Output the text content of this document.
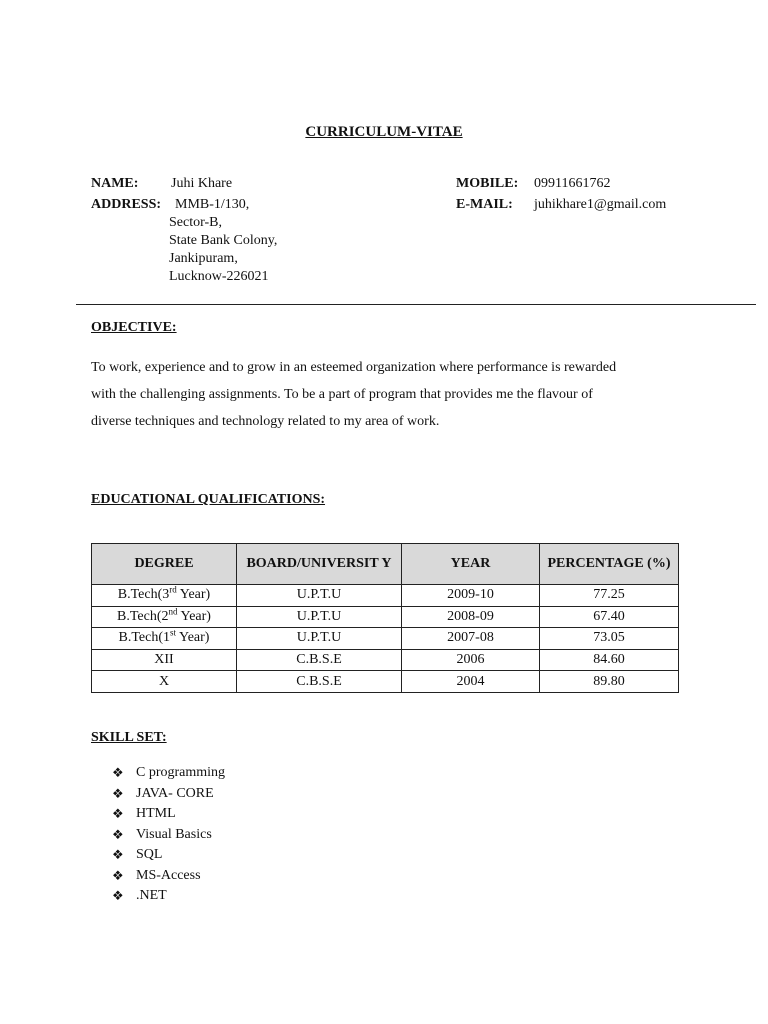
CURRICULUM-VITAE
NAME: Juhi Khare
ADDRESS: MMB-1/130,
Sector-B,
State Bank Colony,
Jankipuram,
Lucknow-226021
MOBILE: 09911661762
E-MAIL: juhikhare1@gmail.com
OBJECTIVE:
To work, experience and to grow in an esteemed organization where performance is rewarded
with the challenging assignments. To be a part of program that provides me the flavour of
diverse techniques and technology related to my area of work.
EDUCATIONAL QUALIFICATIONS:
DEGREE	BOARD/UNIVERSIT Y	YEAR	PERCENTAGE (%)
B.Tech(3rd Year)	U.P.T.U	2009-10	77.25
B.Tech(2nd Year)	U.P.T.U	2008-09	67.40
B.Tech(1st Year)	U.P.T.U	2007-08	73.05
XII	C.B.S.E	2006	84.60
X	C.B.S.E	2004	89.80
SKILL SET:
❖ C programming
❖ JAVA- CORE
❖ HTML
❖ Visual Basics
❖ SQL
❖ MS-Access
❖ .NET
